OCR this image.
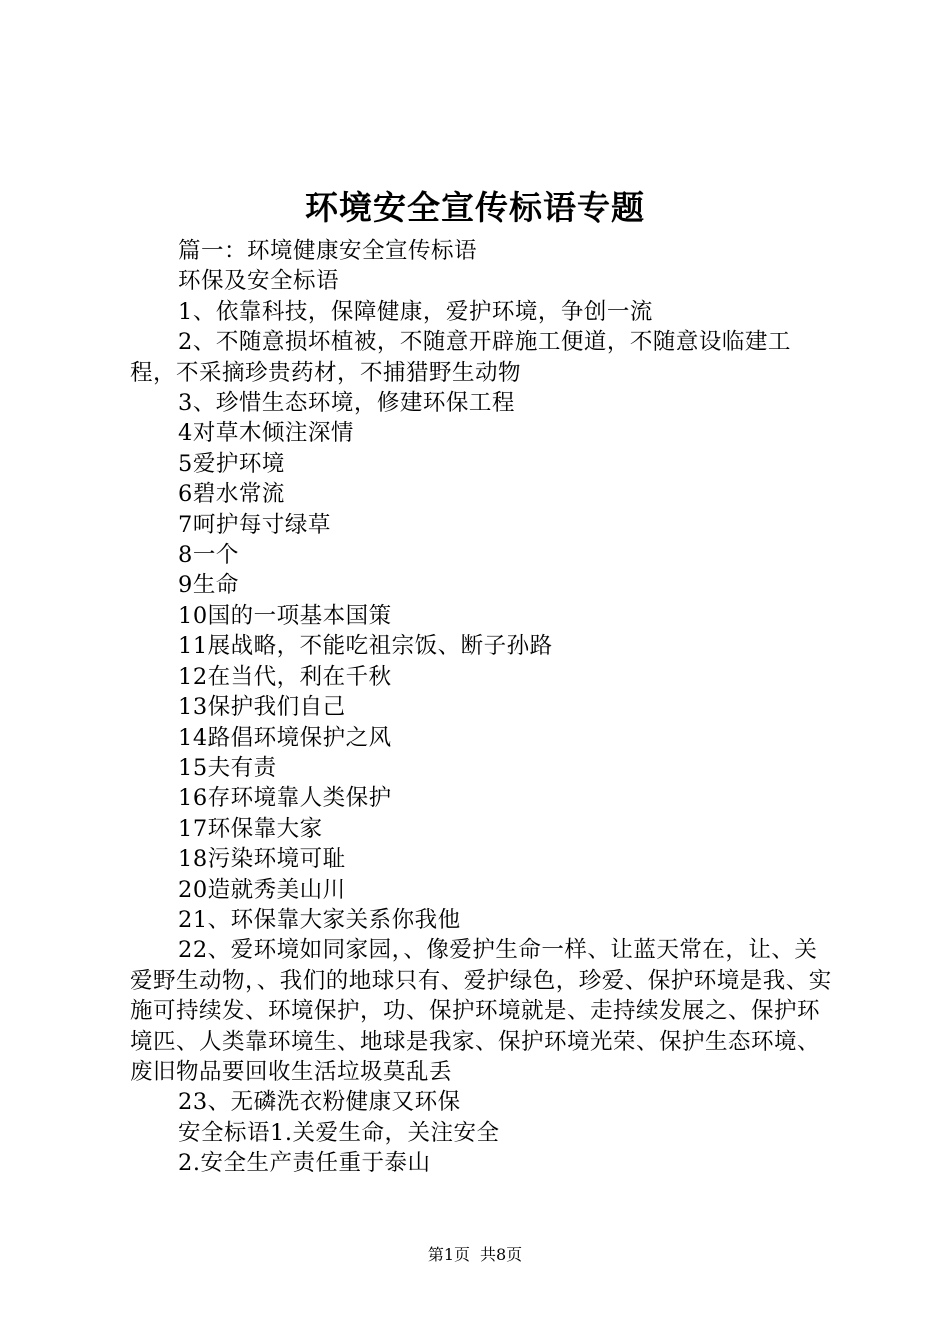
环境安全宣传标语专题

篇一：环境健康安全宣传标语

环保及安全标语

1、依靠科技，保障健康，爱护环境，争创一流

2、不随意损坏植被，不随意开辟施工便道，不随意设临建工程，不采摘珍贵药材，不捕猎野生动物

3、珍惜生态环境，修建环保工程

4对草木倾注深情

5爱护环境

6碧水常流

7呵护每寸绿草

8一个

9生命

10国的一项基本国策

11展战略，不能吃祖宗饭、断子孙路

12在当代，利在千秋

13保护我们自己

14路倡环境保护之风

15夫有责

16存环境靠人类保护

17环保靠大家

18污染环境可耻

20造就秀美山川

21、环保靠大家关系你我他

22、爱环境如同家园，、像爱护生命一样、让蓝天常在，让、关爱野生动物，、我们的地球只有、爱护绿色，珍爱、保护环境是我、实施可持续发、环境保护，功、保护环境就是、走持续发展之、保护环境匹、人类靠环境生、地球是我家、保护环境光荣、保护生态环境、废旧物品要回收生活垃圾莫乱丢

23、无磷洗衣粉健康又环保

安全标语1.关爱生命，关注安全

2.安全生产责任重于泰山

第1页 共8页
